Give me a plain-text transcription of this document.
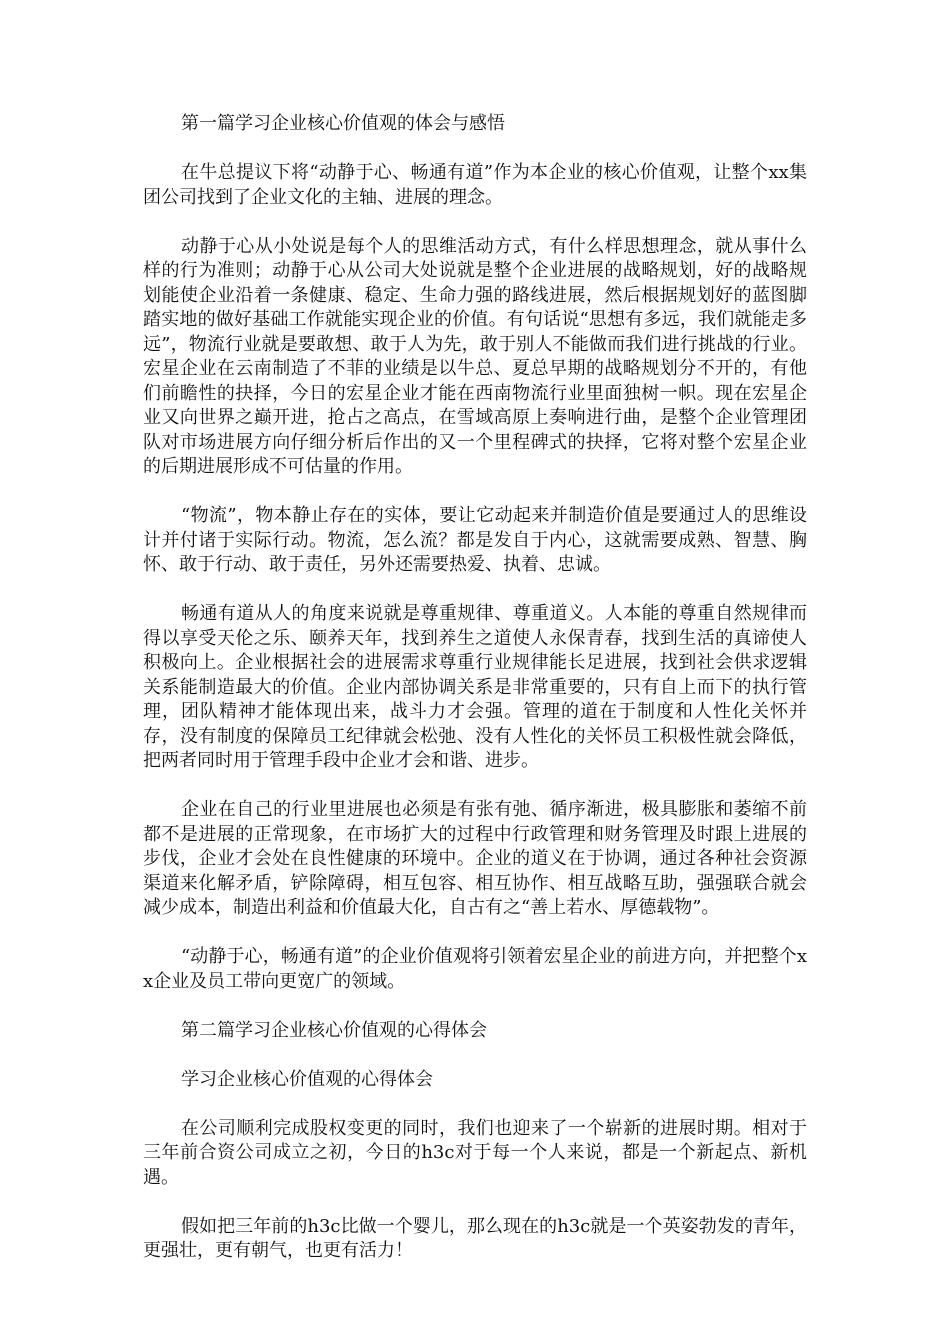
第一篇学习企业核心价值观的体会与感悟

在牛总提议下将“动静于心、畅通有道”作为本企业的核心价值观，让整个xx集团公司找到了企业文化的主轴、进展的理念。

动静于心从小处说是每个人的思维活动方式，有什么样思想理念，就从事什么样的行为准则；动静于心从公司大处说就是整个企业进展的战略规划，好的战略规划能使企业沿着一条健康、稳定、生命力强的路线进展，然后根据规划好的蓝图脚踏实地的做好基础工作就能实现企业的价值。有句话说“思想有多远，我们就能走多远”，物流行业就是要敢想、敢于人为先，敢于别人不能做而我们进行挑战的行业。宏星企业在云南制造了不菲的业绩是以牛总、夏总早期的战略规划分不开的，有他们前瞻性的抉择，今日的宏星企业才能在西南物流行业里面独树一帜。现在宏星企业又向世界之巅开进，抢占之高点，在雪域高原上奏响进行曲，是整个企业管理团队对市场进展方向仔细分析后作出的又一个里程碑式的抉择，它将对整个宏星企业的后期进展形成不可估量的作用。

“物流”，物本静止存在的实体，要让它动起来并制造价值是要通过人的思维设计并付诸于实际行动。物流，怎么流？都是发自于内心，这就需要成熟、智慧、胸怀、敢于行动、敢于责任，另外还需要热爱、执着、忠诚。

畅通有道从人的角度来说就是尊重规律、尊重道义。人本能的尊重自然规律而得以享受天伦之乐、颐养天年，找到养生之道使人永保青春，找到生活的真谛使人积极向上。企业根据社会的进展需求尊重行业规律能长足进展，找到社会供求逻辑关系能制造最大的价值。企业内部协调关系是非常重要的，只有自上而下的执行管理，团队精神才能体现出来，战斗力才会强。管理的道在于制度和人性化关怀并存，没有制度的保障员工纪律就会松弛、没有人性化的关怀员工积极性就会降低，把两者同时用于管理手段中企业才会和谐、进步。

企业在自己的行业里进展也必须是有张有弛、循序渐进，极具膨胀和萎缩不前都不是进展的正常现象，在市场扩大的过程中行政管理和财务管理及时跟上进展的步伐，企业才会处在良性健康的环境中。企业的道义在于协调，通过各种社会资源渠道来化解矛盾，铲除障碍，相互包容、相互协作、相互战略互助，强强联合就会减少成本，制造出利益和价值最大化，自古有之“善上若水、厚德载物”。

“动静于心，畅通有道”的企业价值观将引领着宏星企业的前进方向，并把整个xx企业及员工带向更宽广的领域。

第二篇学习企业核心价值观的心得体会

学习企业核心价值观的心得体会

在公司顺利完成股权变更的同时，我们也迎来了一个崭新的进展时期。相对于三年前合资公司成立之初，今日的h3c对于每一个人来说，都是一个新起点、新机遇。

假如把三年前的h3c比做一个婴儿，那么现在的h3c就是一个英姿勃发的青年，更强壮，更有朝气，也更有活力！
